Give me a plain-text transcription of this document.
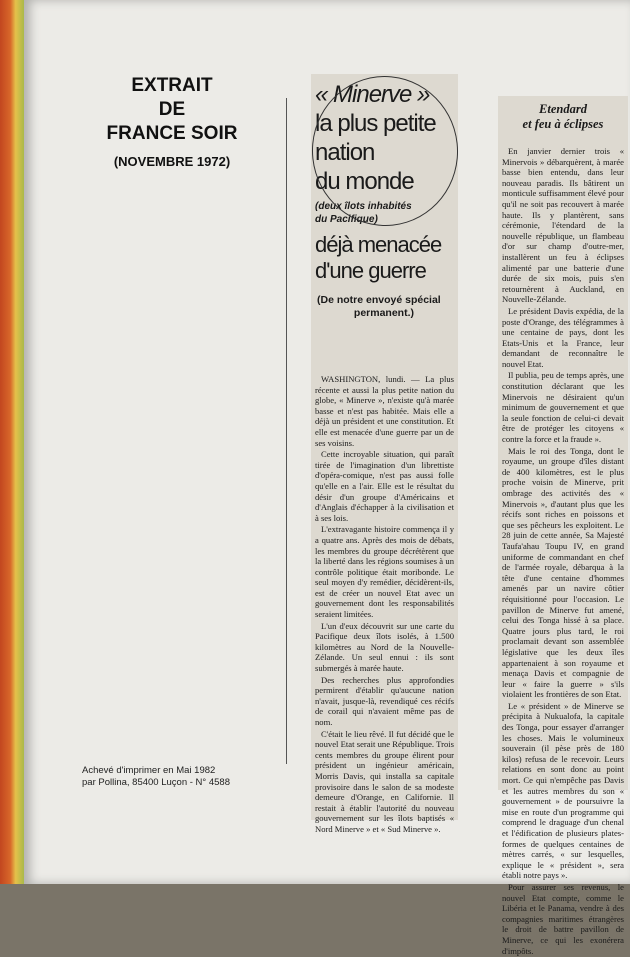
EXTRAIT
DE
FRANCE SOIR
(NOVEMBRE 1972)
Achevé d'imprimer en Mai 1982
par Pollina, 85400 Luçon - N° 4588
« Minerve »
la plus petite
nation
du monde
(deux îlots inhabités
du Pacifique)
déjà menacée
d'une guerre
(De notre envoyé spécial
permanent.)

WASHINGTON, lundi. — La plus récente et aussi la plus petite nation du globe, « Minerve », n'existe qu'à marée basse et n'est pas habitée. Mais elle a déjà un président et une constitution. Et elle est menacée d'une guerre par un de ses voisins.

Cette incroyable situation, qui paraît tirée de l'imagination d'un librettiste d'opéra-comique, n'est pas aussi folle qu'elle en a l'air. Elle est le résultat du désir d'un groupe d'Américains et d'Anglais d'échapper à la civilisation et à ses lois.

L'extravagante histoire commença il y a quatre ans. Après des mois de débats, les membres du groupe décrétèrent que la liberté dans les régions soumises à un contrôle politique était moribonde. Le seul moyen d'y remédier, décidèrent-ils, est de créer un nouvel Etat avec un gouvernement dont les responsabilités seraient limitées.

L'un d'eux découvrit sur une carte du Pacifique deux îlots isolés, à 1.500 kilomètres au Nord de la Nouvelle-Zélande. Un seul ennui : ils sont submergés à marée haute.

Des recherches plus approfondies permirent d'établir qu'aucune nation n'avait, jusque-là, revendiqué ces récifs de corail qui n'avaient même pas de nom.

C'était le lieu rêvé. Il fut décidé que le nouvel Etat serait une République. Trois cents membres du groupe élirent pour président un ingénieur américain, Morris Davis, qui installa sa capitale provisoire dans le salon de sa modeste demeure d'Orange, en Californie. Il restait à établir l'autorité du nouveau gouvernement sur les îlots baptisés « Nord Minerve » et « Sud Minerve ».

Etendard
et feu à éclipses

En janvier dernier trois « Minervois » débarquèrent, à marée basse bien entendu, dans leur nouveau paradis. Ils bâtirent un monticule suffisamment élevé pour qu'il ne soit pas recouvert à marée haute. Ils y plantèrent, sans cérémonie, l'étendard de la nouvelle république, un flambeau d'or sur champ d'outre-mer, installèrent un feu à éclipses alimenté par une batterie d'une durée de six mois, puis s'en retournèrent à Auckland, en Nouvelle-Zélande.

Le président Davis expédia, de la poste d'Orange, des télégrammes à une centaine de pays, dont les Etats-Unis et la France, leur demandant de reconnaître le nouvel Etat.

Il publia, peu de temps après, une constitution déclarant que les Minervois ne désiraient qu'un minimum de gouvernement et que la seule fonction de celui-ci devait être de protéger les citoyens « contre la force et la fraude ».

Mais le roi des Tonga, dont le royaume, un groupe d'îles distant de 400 kilomètres, est le plus proche voisin de Minerve, prit ombrage des activités des « Minervois », d'autant plus que les récifs sont riches en poissons et que ses pêcheurs les exploitent. Le 28 juin de cette année, Sa Majesté Taufa'ahau Toupu IV, en grand uniforme de commandant en chef de l'armée royale, débarqua à la tête d'une centaine d'hommes amenés par un navire côtier réquisitionné pour l'occasion. Le pavillon de Minerve fut amené, celui des Tonga hissé à sa place. Quatre jours plus tard, le roi proclamait devant son assemblée législative que les deux îles appartenaient à son royaume et menaça Davis et compagnie de leur « faire la guerre » s'ils violaient les frontières de son Etat.

Le « président » de Minerve se précipita à Nukualofa, la capitale des Tonga, pour essayer d'arranger les choses. Mais le volumineux souverain (il pèse près de 180 kilos) refusa de le recevoir. Leurs relations en sont donc au point mort. Ce qui n'empêche pas Davis et les autres membres du son « gouvernement » de poursuivre la mise en route d'un programme qui comprend le draguage d'un chenal et l'édification de plusieurs plates-formes de quelques centaines de mètres carrés, « sur lesquelles, explique le « président », sera établi notre pays ».

Pour assurer ses revenus, le nouvel Etat compte, comme le Libéria et le Panama, vendre à des compagnies maritimes étrangères le droit de battre pavillon de Minerve, ce qui les exonérera d'impôts.
